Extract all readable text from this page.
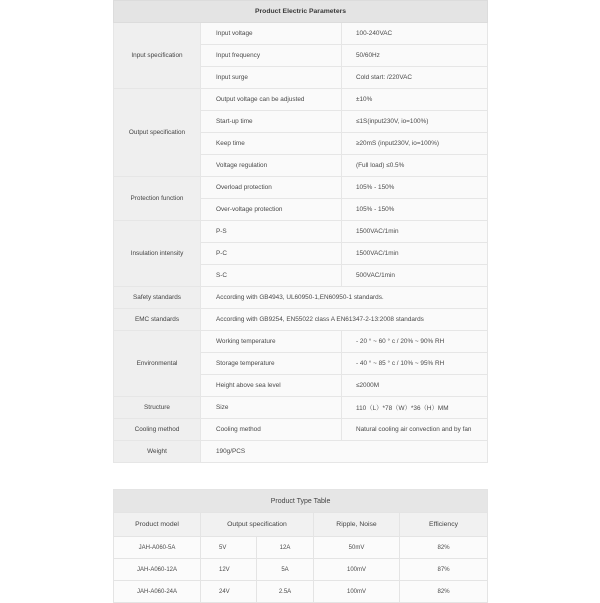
Product Electric Parameters		
Input specification	Input voltage	100-240VAC
	Input frequency	50/60Hz
	Input surge	Cold start: /220VAC
Output specification	Output voltage can be adjusted	±10%
	Start-up time	≤1S(input230V, io=100%)
	Keep time	≥20mS (input230V, io=100%)
	Voltage regulation	(Full load) ≤0.5%
Protection function	Overload protection	105% - 150%
	Over-voltage protection	105% - 150%
Insulation intensity	P-S	1500VAC/1min
	P-C	1500VAC/1min
	S-C	500VAC/1min
Safety standards	According with GB4943, UL60950-1,EN60950-1 standards.	
EMC standards	According with GB9254, EN55022 class A EN61347-2-13:2008 standards	
Environmental	Working temperature	- 20 ° ~ 60 ° c / 20% ~ 90% RH
	Storage temperature	- 40 ° ~ 85 ° c / 10% ~ 95% RH
	Height above sea level	≤2000M
Structure	Size	110（L）*78（W）*36（H）MM
Cooling method	Cooling method	Natural cooling air convection and by fan
Weight	190g/PCS	
Product Type Table				
Product model	Output specification		Ripple, Noise	Efficiency
JAH-A060-5A	5V	12A	50mV	82%
JAH-A060-12A	12V	5A	100mV	87%
JAH-A060-24A	24V	2.5A	100mV	82%
